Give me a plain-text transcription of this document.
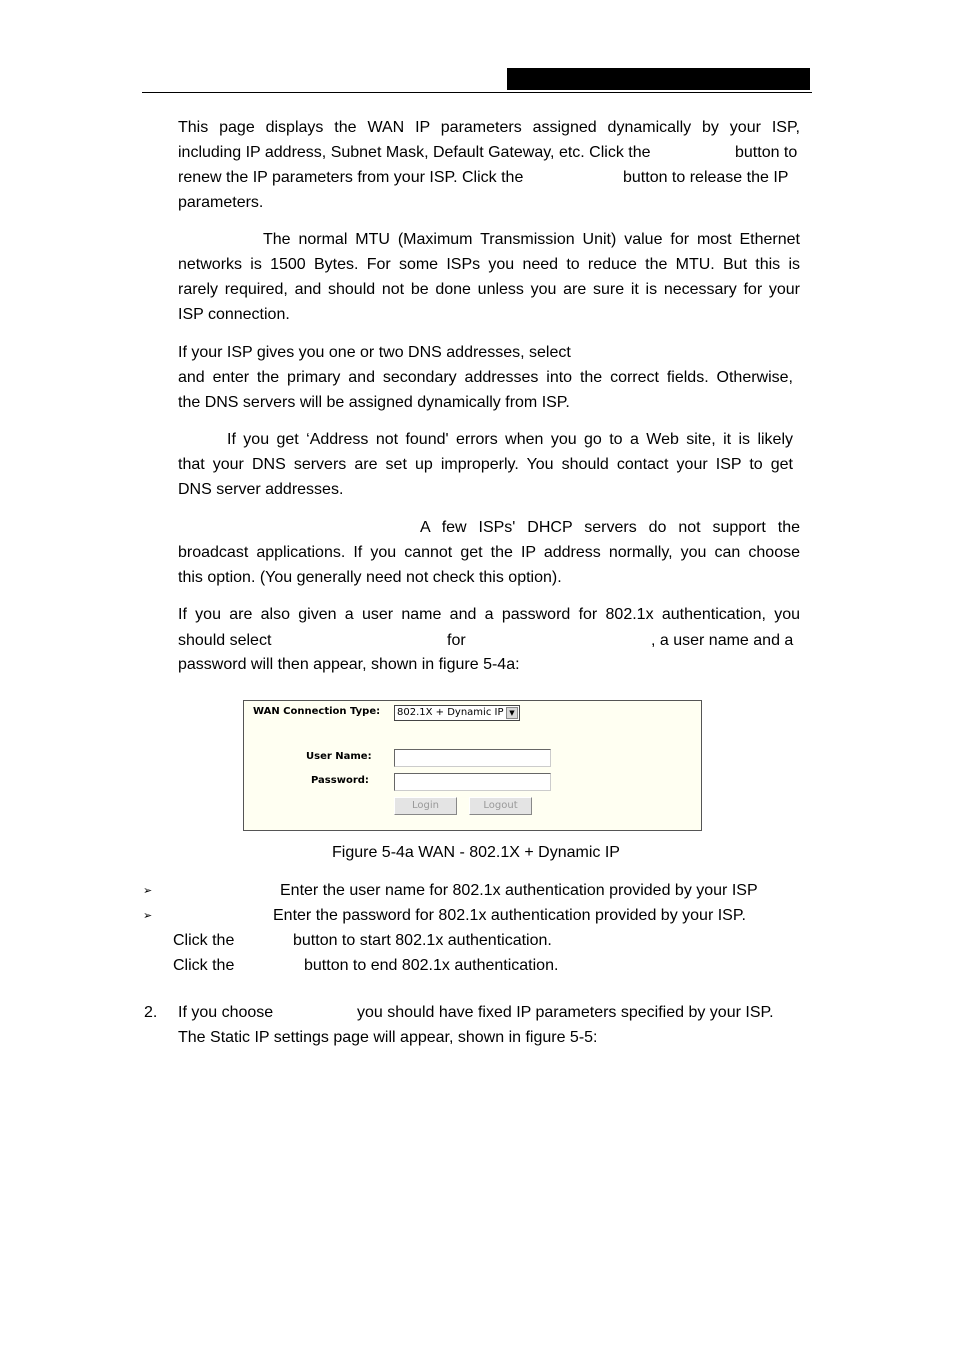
This page displays the WAN IP parameters assigned dynamically by your ISP,
including IP address, Subnet Mask, Default Gateway, etc. Click the	button to
renew the IP parameters from your ISP. Click the	button to release the IP
parameters.
The normal MTU (Maximum Transmission Unit) value for most Ethernet
networks is 1500 Bytes. For some ISPs you need to reduce the MTU. But this is
rarely required, and should not be done unless you are sure it is necessary for your
ISP connection.
If your ISP gives you one or two DNS addresses, select
and enter the primary and secondary addresses into the correct fields. Otherwise,
the DNS servers will be assigned dynamically from ISP.
If you get ‘Address not found' errors when you go to a Web site, it is likely
that your DNS servers are set up improperly. You should contact your ISP to get
DNS server addresses.
A few ISPs' DHCP servers do not support the
broadcast applications. If you cannot get the IP address normally, you can choose
this option. (You generally need not check this option).
If you are also given a user name and a password for 802.1x authentication, you
should select	for	, a user name and a
password will then appear, shown in figure 5-4a:
WAN Connection Type:	802.1X + Dynamic IP ▼
User Name:
Password:
Login	Logout
Figure 5-4a WAN - 802.1X + Dynamic IP
➢	Enter the user name for 802.1x authentication provided by your ISP
➢	Enter the password for 802.1x authentication provided by your ISP.
Click the	button to start 802.1x authentication.
Click the	button to end 802.1x authentication.
2. If you choose	you should have fixed IP parameters specified by your ISP.
The Static IP settings page will appear, shown in figure 5-5:
